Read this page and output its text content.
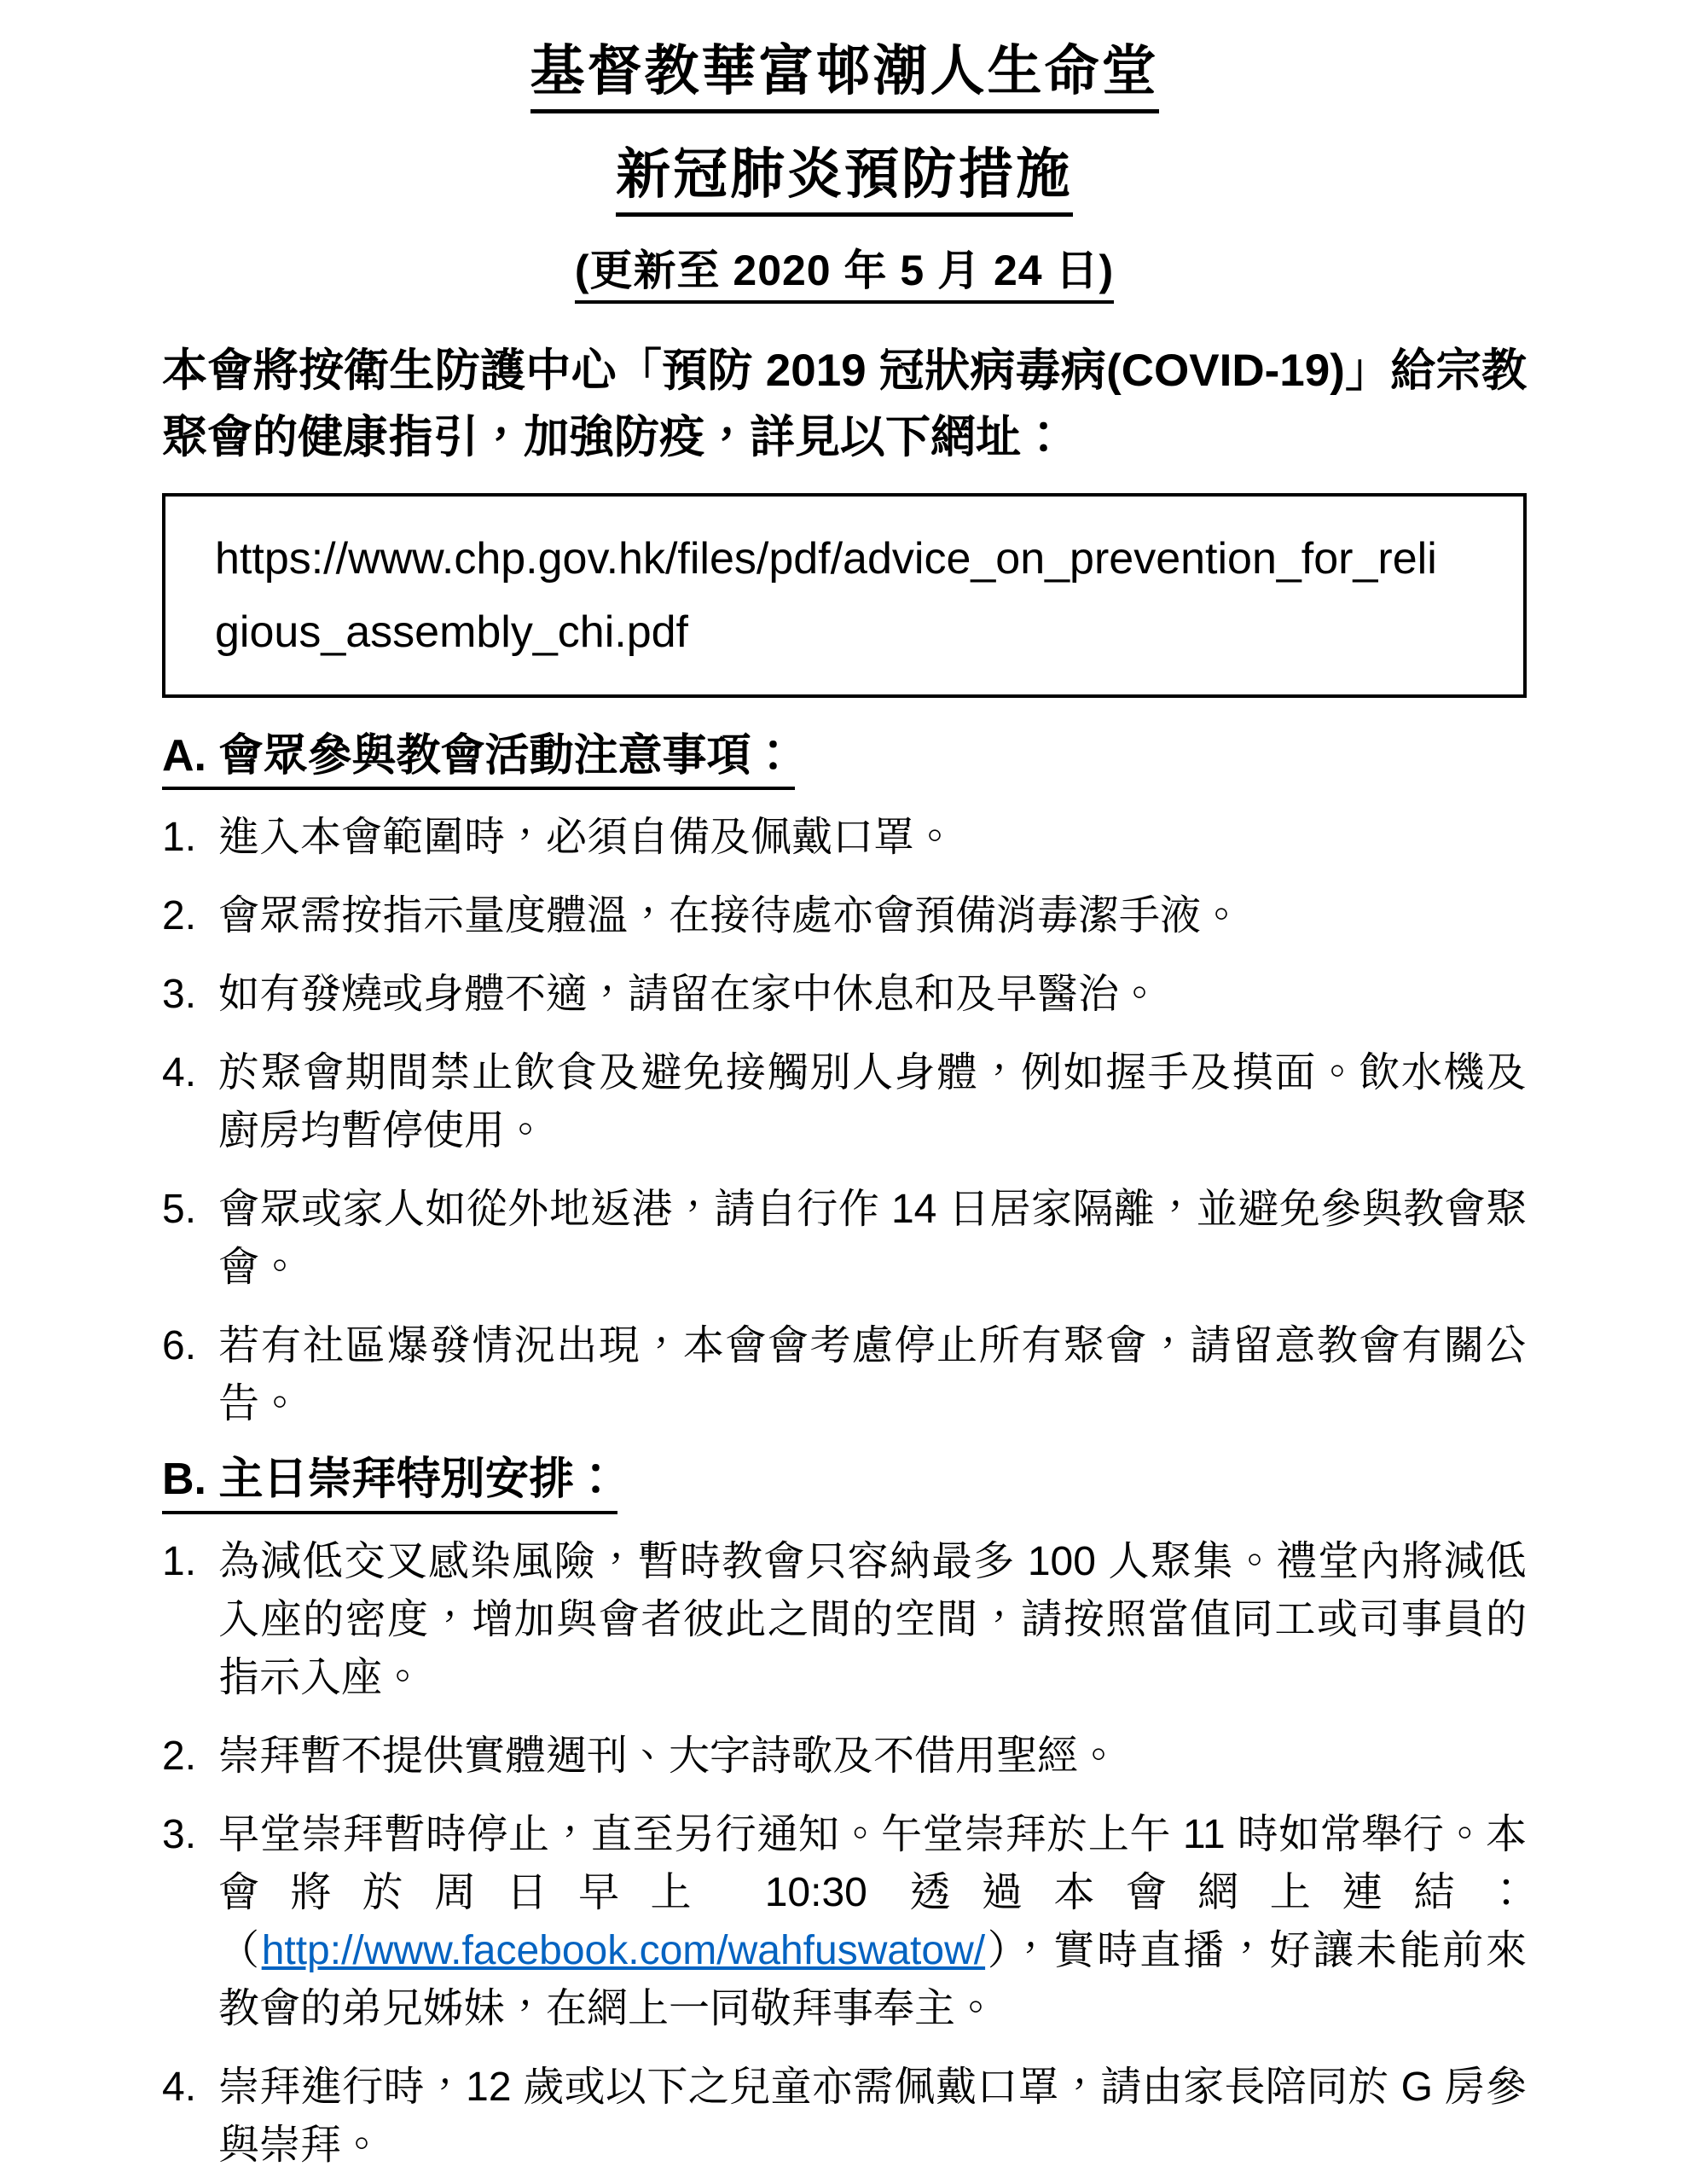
基督教華富邨潮人生命堂
新冠肺炎預防措施
(更新至 2020 年 5 月 24 日)

本會將按衛生防護中心「預防 2019 冠狀病毒病(COVID-19)」給宗教聚會的健康指引，加強防疫，詳見以下網址：

https://www.chp.gov.hk/files/pdf/advice_on_prevention_for_religious_assembly_chi.pdf
A. 會眾參與教會活動注意事項：
1. 進入本會範圍時，必須自備及佩戴口罩。
2. 會眾需按指示量度體溫，在接待處亦會預備消毒潔手液。
3. 如有發燒或身體不適，請留在家中休息和及早醫治。
4. 於聚會期間禁止飲食及避免接觸別人身體，例如握手及摸面。飲水機及廚房均暫停使用。
5. 會眾或家人如從外地返港，請自行作 14 日居家隔離，並避免參與教會聚會。
6. 若有社區爆發情況出現，本會會考慮停止所有聚會，請留意教會有關公告。
B. 主日崇拜特別安排：
1. 為減低交叉感染風險，暫時教會只容納最多 100 人聚集。禮堂內將減低入座的密度，增加與會者彼此之間的空間，請按照當值同工或司事員的指示入座。
2. 崇拜暫不提供實體週刊、大字詩歌及不借用聖經。
3. 早堂崇拜暫時停止，直至另行通知。午堂崇拜於上午 11 時如常舉行。本會將於周日早上 10:30 透過本會網上連結：（http://www.facebook.com/wahfuswatow/），實時直播，好讓未能前來教會的弟兄姊妹，在網上一同敬拜事奉主。
4. 崇拜進行時，12 歲或以下之兒童亦需佩戴口罩，請由家長陪同於 G 房參與崇拜。
